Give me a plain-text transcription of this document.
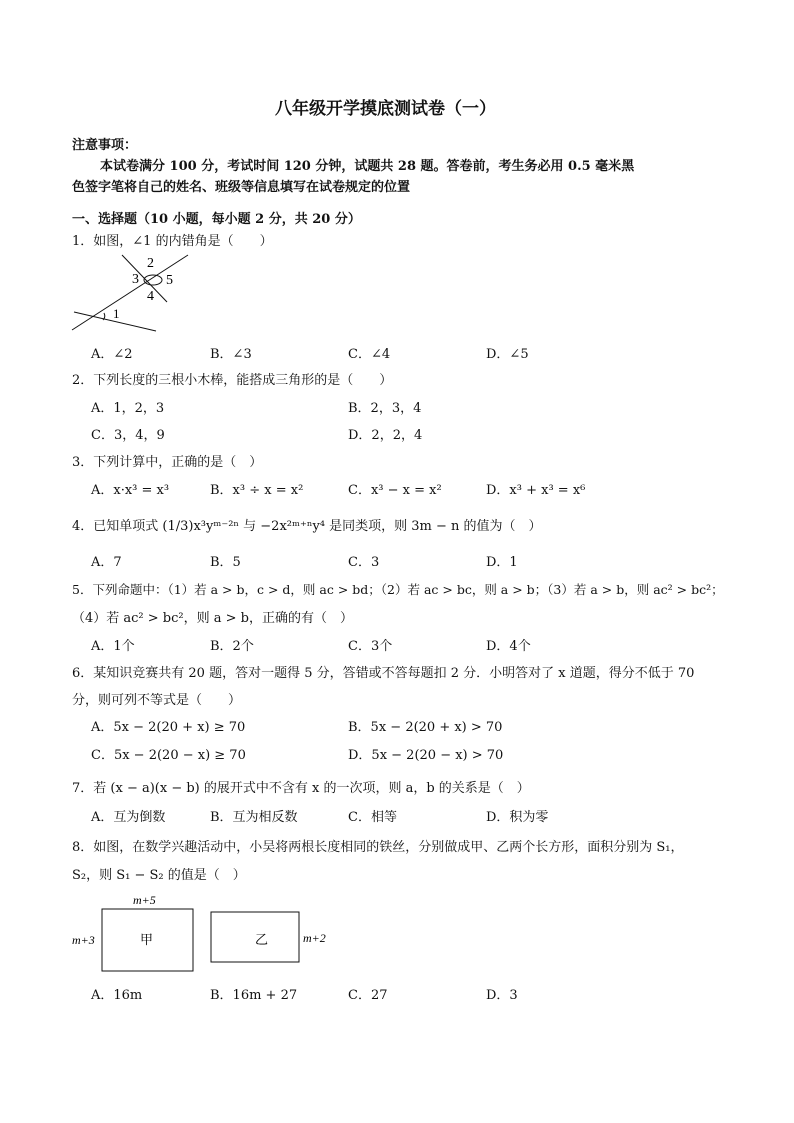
八年级开学摸底测试卷（一）
注意事项：
本试卷满分 100 分，考试时间 120 分钟，试题共 28 题。答卷前，考生务必用 0.5 毫米黑
色签字笔将自己的姓名、班级等信息填写在试卷规定的位置
一、选择题（10 小题，每小题 2 分，共 20 分）
1．如图，∠1 的内错角是（　　）
2
3 5
4
1
A．∠2	B．∠3	C．∠4	D．∠5
2．下列长度的三根小木棒，能搭成三角形的是（　　）
A．1，2，3	B．2，3，4
C．3，4，9	D．2，2，4
3．下列计算中，正确的是（　）
A．x·x³ = x³	B．x³ ÷ x = x²	C．x³ − x = x²	D．x³ + x³ = x⁶
4．已知单项式 (1/3)x³yᵐ⁻²ⁿ 与 −2x²ᵐ⁺ⁿy⁴ 是同类项，则 3m − n 的值为（　）
A．7	B．5	C．3	D．1
5．下列命题中：（1）若 a > b，c > d，则 ac > bd；（2）若 ac > bc，则 a > b；（3）若 a > b，则 ac² > bc²；
（4）若 ac² > bc²，则 a > b，正确的有（　）
A．1个	B．2个	C．3个	D．4个
6．某知识竞赛共有 20 题，答对一题得 5 分，答错或不答每题扣 2 分．小明答对了 x 道题，得分不低于 70
分，则可列不等式是（　　）
A．5x − 2(20 + x) ≥ 70	B．5x − 2(20 + x) > 70
C．5x − 2(20 − x) ≥ 70	D．5x − 2(20 − x) > 70
7．若 (x − a)(x − b) 的展开式中不含有 x 的一次项，则 a，b 的关系是（　）
A．互为倒数	B．互为相反数	C．相等	D．积为零
8．如图，在数学兴趣活动中，小吴将两根长度相同的铁丝，分别做成甲、乙两个长方形，面积分别为 S₁，
S₂，则 S₁ − S₂ 的值是（　）
m+5
m+3	甲	乙	m+2
A．16m	B．16m + 27	C．27	D．3
